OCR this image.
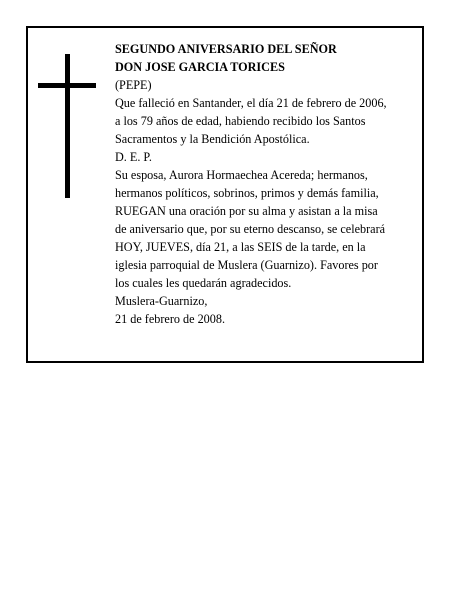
SEGUNDO ANIVERSARIO DEL SEÑOR
DON JOSE GARCIA TORICES
(PEPE)
Que falleció en Santander, el día 21 de febrero de 2006,
a los 79 años de edad, habiendo recibido los Santos
Sacramentos y la Bendición Apostólica.
D. E. P.
Su esposa, Aurora Hormaechea Acereda; hermanos,
hermanos políticos, sobrinos, primos y demás familia,
RUEGAN una oración por su alma y asistan a la misa
de aniversario que, por su eterno descanso, se celebrará
HOY, JUEVES, día 21, a las SEIS de la tarde, en la
iglesia parroquial de Muslera (Guarnizo). Favores por
los cuales les quedarán agradecidos.
Muslera-Guarnizo,
21 de febrero de 2008.
